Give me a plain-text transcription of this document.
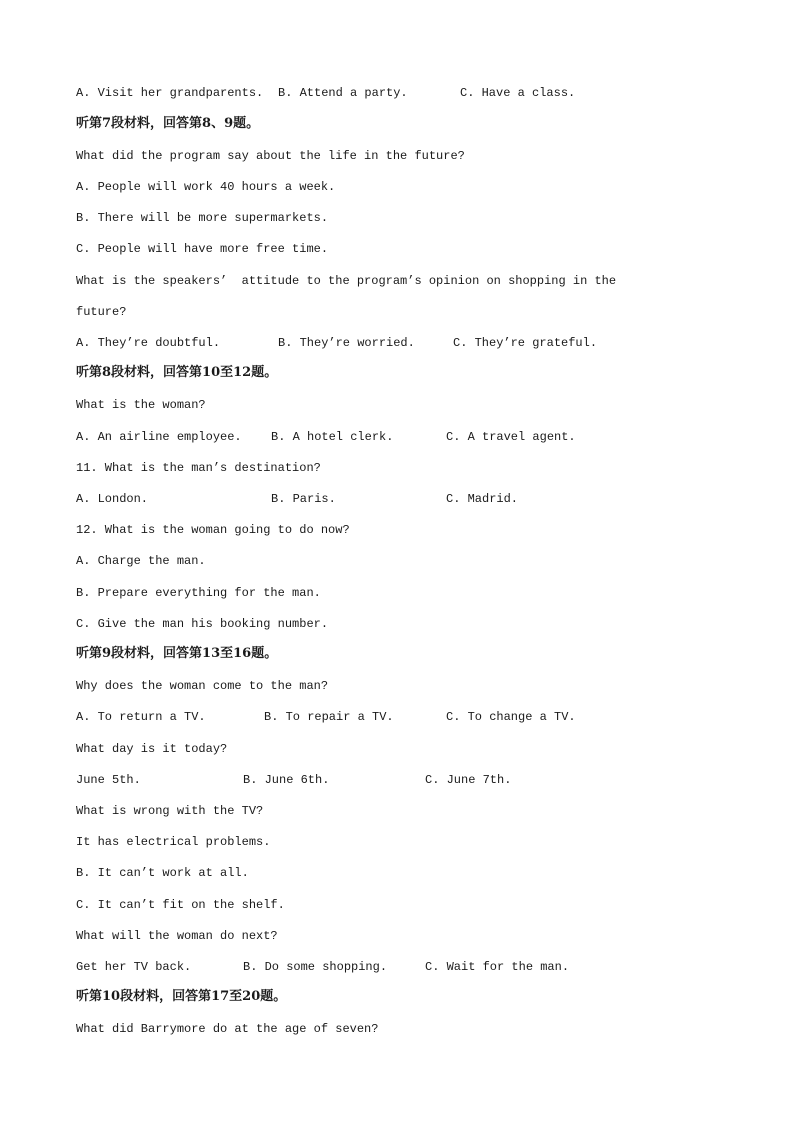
A. Visit her grandparents. B. Attend a party.	C. Have a class.
听第7段材料，回答第8、9题。
What did the program say about the life in the future?
A. People will work 40 hours a week.
B. There will be more supermarkets.
C. People will have more free time.
What is the speakers’  attitude to the program’s opinion on shopping in the
future?
A. They’re doubtful.	B. They’re worried.	C. They’re grateful.
听第8段材料，回答第10至12题。
What is the woman?
A. An airline employee. B. A hotel clerk.	C. A travel agent.
11. What is the man’s destination?
A. London.	B. Paris.	C. Madrid.
12. What is the woman going to do now?
A. Charge the man.
B. Prepare everything for the man.
C. Give the man his booking number.
听第9段材料，回答第13至16题。
Why does the woman come to the man?
A. To return a TV.	B. To repair a TV.	C. To change a TV.
What day is it today?
June 5th.	B. June 6th.	C. June 7th.
What is wrong with the TV?
It has electrical problems.
B. It can’t work at all.
C. It can’t fit on the shelf.
What will the woman do next?
Get her TV back.	B. Do some shopping.	C. Wait for the man.
听第10段材料，回答第17至20题。
What did Barrymore do at the age of seven?
